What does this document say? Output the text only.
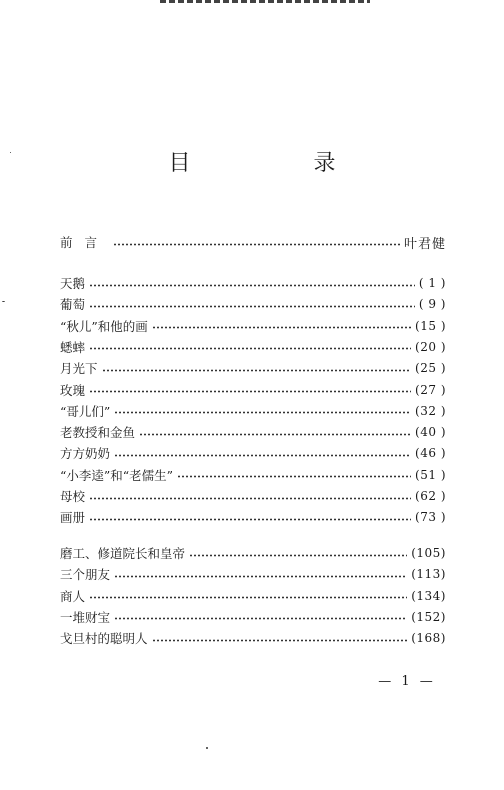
目 录
前言	叶君健
天鹅	( 1 )
葡萄	( 9 )
“秋儿”和他的画	(15 )
蟋蟀	(20 )
月光下	(25 )
玫瑰	(27 )
“哥儿们”	(32 )
老教授和金鱼	(40 )
方方奶奶	(46 )
“小李逵”和“老儒生”	(51 )
母校	(62 )
画册	(73 )
磨工、修道院长和皇帝	(105)
三个朋友	(113)
商人	(134)
一堆财宝	(152)
戈旦村的聪明人	(168)
— 1 —
